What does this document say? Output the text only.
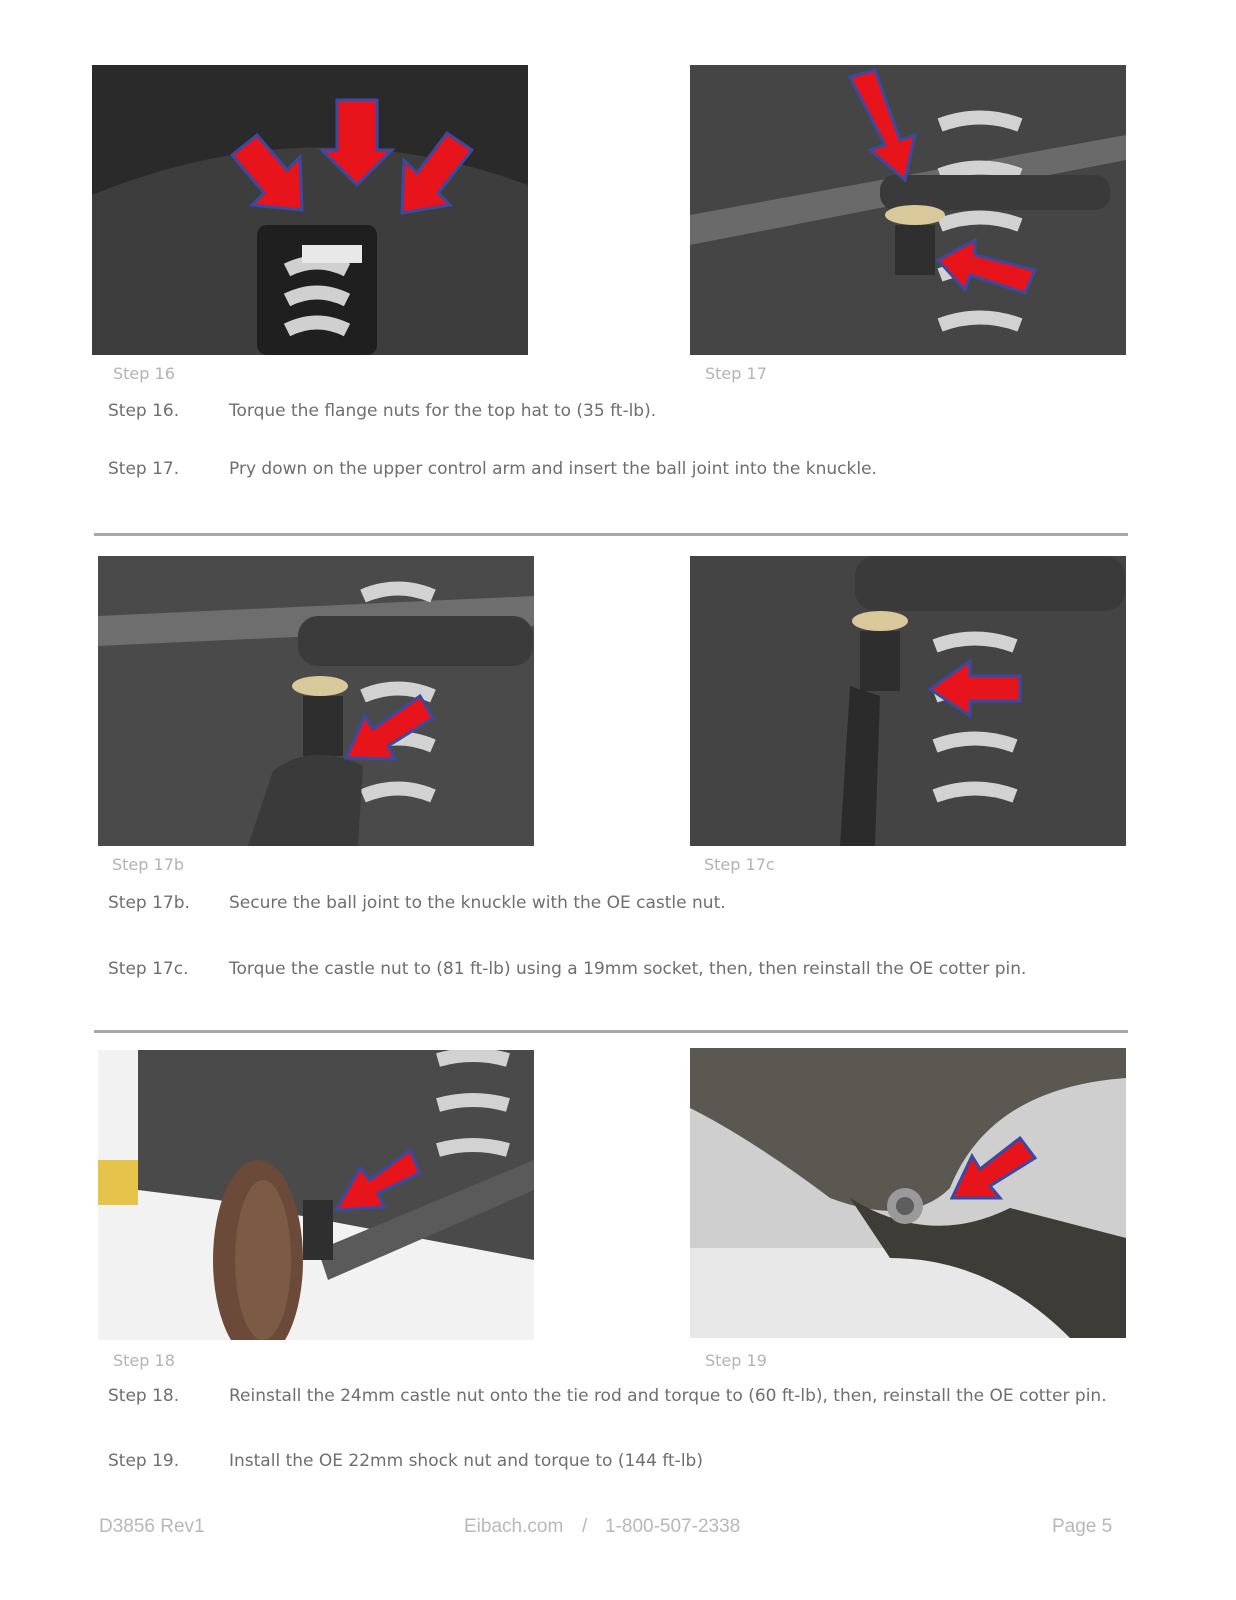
Step 16	Step 17
Step 16.	Torque the flange nuts for the top hat to (35 ft-lb).
Step 17.	Pry down on the upper control arm and insert the ball joint into the knuckle.
Step 17b	Step 17c
Step 17b. Secure the ball joint to the knuckle with the OE castle nut.
Step 17c. Torque the castle nut to (81 ft-lb) using a 19mm socket, then, then reinstall the OE cotter pin.
Step 18	Step 19
Step 18.	Reinstall the 24mm castle nut onto the tie rod and torque to (60 ft-lb), then, reinstall the OE cotter pin.
Step 19.	Install the OE 22mm shock nut and torque to (144 ft-lb)
D3856 Rev1	Eibach.com / 1-800-507-2338	Page 5
